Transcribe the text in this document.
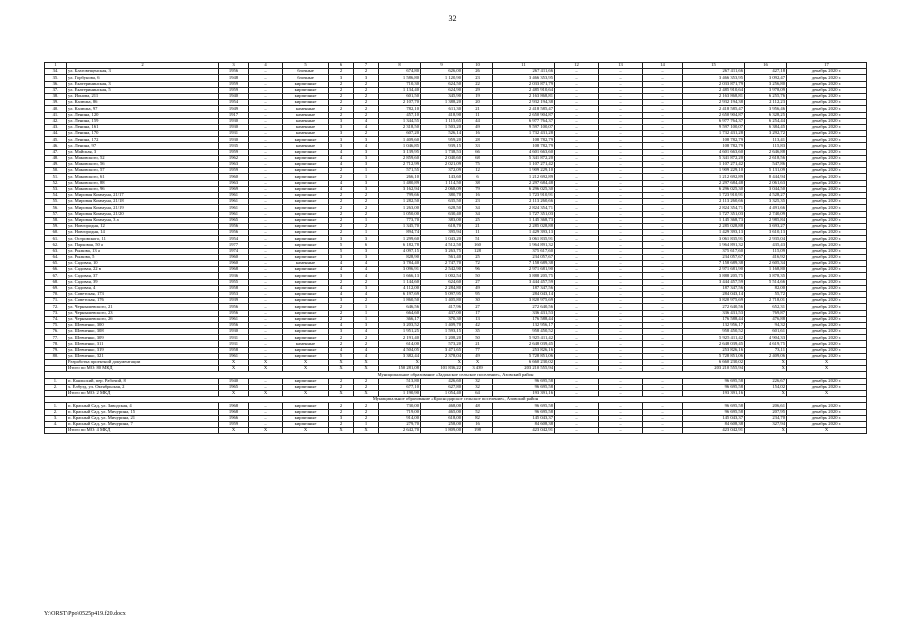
32
1	2	3	4	5	6	7	8	9	10	11	12	13	14	15	16	17
34.	ул. Благовещенская, 3	1956	–	блочные	2	2	674,80	626,00	26	267 411,66	–	–	–	267 411,66	427,18	декабрь 2020 г.
35.	ул. Горбунова, 6	1948	–	блочные	3	3	1 586,80	1 120,90	23	3 466 353,95	–	–	–	3 466 353,95	3 092,47	декабрь 2020 г.
36.	ул. Екатерининская, 3	1959	–	кирпичные	2	2	710,30	624,50	22	2 033 871,79	–	–	–	2 033 871,79	3 256,80	декабрь 2020 г.
37.	ул. Екатерининская, 5	1959	–	кирпичные	2	2	1 134,40	624,90	29	2 485 910,64	–	–	–	2 485 910,64	3 978,09	декабрь 2020 г.
38.	ул. Ионова, 211	1940	–	кирпичные	2	2	601,50	345,90	19	2 163 868,81	–	–	–	2 163 868,81	6 255,76	декабрь 2020 г.
39.	ул. Калюжа, 86	1954	–	кирпичные	2	2	2 107,70	1 388,20	20	2 932 194,38	–	–	–	2 932 194,38	2 112,23	декабрь 2020 г.
40.	ул. Калюжа, 97	1949	–	каменные	2	2	782,10	611,30	21	2 418 585,47	–	–	–	2 418 585,47	3 956,46	декабрь 2020 г.
41.	ул. Ленина, 120	1917	–	каменные	2	2	457,10	418,90	11	2 650 904,87	–	–	–	2 650 904,87	6 328,25	декабрь 2020 г.
42.	ул. Ленина, 159	1930	–	каменные	3	4	1 344,55	1 115,65	44	6 977 764,37	–	–	–	6 977 764,37	6 254,44	декабрь 2020 г.
43.	ул. Ленина, 161	1930	–	каменные	3	4	2 318,50	1 503,20	49	9 597 100,07	–	–	–	9 597 100,07	6 384,45	декабрь 2020 г.
44.	ул. Ленина, 170	1931	–	каменные	3	2	607,20	526,14	16	1 732 431,28	–	–	–	1 732 431,28	3 292,72	декабрь 2020 г.
45.	ул. Ленина, 172	1930	–	кирпичные	3	3	1 409,60	959,20	28	108 782,79	–	–	–	108 782,79	113,41	декабрь 2020 г.
46.	ул. Ленина, 97	1935	–	каменные	3	4	1 046,85	939,15	33	108 782,79	–	–	–	108 782,79	115,83	декабрь 2020 г.
47.	ул. Майская, 3	1959	–	кирпичные	4	3	3 139,95	1 738,53	66	4 601 663,60	–	–	–	4 601 663,60	2 646,88	декабрь 2020 г.
48.	ул. Маковского, 52	1962	–	кирпичные	4	3	2 859,60	2 040,60	68	5 341 872,20	–	–	–	5 341 872,20	2 618,56	декабрь 2020 г.
49.	ул. Маковского, 56	1963	–	кирпичные	4	3	2 712,99	2 021,09	75	1 107 271,42	–	–	–	1 107 271,42	547,86	декабрь 2020 г.
50.	ул. Маковского, 57	1959	–	кирпичные	2	1	571,55	372,09	12	1 909 229,10	–	–	–	1 909 229,10	5 131,09	декабрь 2020 г.
51.	ул. Маковского, 61	1960	–	кирпичные	2	1	266,10	143,60	6	1 212 692,89	–	–	–	1 212 692,89	8 444,94	декабрь 2020 г.
52.	ул. Маковского, 88	1963	–	кирпичные	4	3	1 480,89	1 114,50	38	2 297 684,48	–	–	–	2 297 684,48	2 061,63	декабрь 2020 г.
53.	ул. Маковского, 96	1969	–	кирпичные	4	3	3 162,94	2 068,09	79	6 296 025,30	–	–	–	6 296 025,30	3 044,50	декабрь 2020 г.
54.	ул. Мировая Коммуна, 21/17	1961	–	кирпичные	2	2	799,66	380,70	16	1 723 910,91	–	–	–	1 723 910,91	4 528,27	декабрь 2020 г.
55.	ул. Мировая Коммуна, 21/18	1961	–	кирпичные	2	2	1 282,50	635,50	23	2 113 260,66	–	–	–	2 113 260,66	3 325,35	декабрь 2020 г.
56.	ул. Мировая Коммуна, 21/19	1961	–	кирпичные	2	2	1 263,00	628,50	34	2 824 354,71	–	–	–	2 824 354,71	4 491,66	декабрь 2020 г.
57.	ул. Мировая Коммуна, 21/20	1961	–	кирпичные	2	2	1 050,00	630,40	34	1 727 351,03	–	–	–	1 727 351,03	2 740,09	декабрь 2020 г.
58.	ул. Мировая Коммуна, 3 а	1965	–	кирпичные	2	1	773,70	383,00	25	1 145 368,73	–	–	–	1 145 368,73	2 985,84	декабрь 2020 г.
59.	ул. Новгородня, 12	1956	–	кирпичные	2	2	1 345,70	618,70	21	2 285 028,88	–	–	–	2 285 028,88	3 693,27	декабрь 2020 г.
60.	ул. Новгородня, 14	1956	–	кирпичные	2	1	894,74	395,94	11	1 429 393,13	–	–	–	1 429 393,13	3 610,13	декабрь 2020 г.
61.	ул. Островского, 11	1954	–	кирпичные	3	3	1 299,60	1 043,20	51	3 061 835,91	–	–	–	3 061 835,91	2 935,04	декабрь 2020 г.
62.	ул. Парковая, 50 а	1977	–	кирпичные	5	6	6 182,78	4 512,50	160	1 964 891,32	–	–	–	1 964 891,32	435,43	декабрь 2020 г.
63.	ул. Рыжова, 13 а	1974	–	кирпичные	5	3	4 097,15	3 263,75	128	375 617,60	–	–	–	375 617,60	115,09	декабрь 2020 г.
64.	ул. Рыжова, 5	1960	–	кирпичные	3	3	828,90	561,40	25	234 057,67	–	–	–	234 057,67	416,92	декабрь 2020 г.
65.	ул. Садовая, 10	1960	–	каменные	4	4	3 784,40	2 747,70	72	7 158 689,38	–	–	–	7 158 689,38	2 605,34	декабрь 2020 г.
66.	ул. Садовая, 22 в	1968	–	кирпичные	4	4	3 096,91	2 542,90	96	2 971 681,90	–	–	–	2 971 681,90	1 168,80	декабрь 2020 г.
67.	ул. Садовая, 37	1936	–	кирпичные	3	4	1 666,13	1 002,54	50	3 888 205,75	–	–	–	3 888 205,75	3 878,35	декабрь 2020 г.
68.	ул. Садовая, 39	1955	–	кирпичные	2	2	1 144,60	624,60	27	3 444 457,59	–	–	–	3 444 457,59	5 514,66	декабрь 2020 г.
69.	ул. Садовая, 4	1958	–	кирпичные	4	3	4 112,00	2 284,80	49	187 347,56	–	–	–	187 347,56	82,00	декабрь 2020 г.
70.	ул. Советская, 173	1953	–	кирпичные	4	4	6 197,69	5 097,95	95	284 043,14	–	–	–	284 043,14	55,72	декабрь 2020 г.
71.	ул. Советская, 176	1939	–	кирпичные	3	2	1 860,50	1 405,80	30	3 820 975,69	–	–	–	3 820 975,69	2 718,01	декабрь 2020 г.
72.	ул. Чернышевского, 21	1956	–	кирпичные	2	1	646,56	417,96	27	272 640,56	–	–	–	272 640,56	652,31	декабрь 2020 г.
73.	ул. Чернышевского, 23	1956	–	кирпичные	2	1	664,60	437,00	17	336 431,53	–	–	–	336 431,53	769,87	декабрь 2020 г.
74.	ул. Чернышевского, 26	1961	–	кирпичные	2	1	366,17	370,30	13	176 588,44	–	–	–	176 588,44	476,88	декабрь 2020 г.
75.	ул. Шевченко, 300	1956	–	кирпичные	4	3	3 203,52	1 409,70	42	132 956,17	–	–	–	132 956,17	94,32	декабрь 2020 г.
76.	ул. Шевченко, 308	1930	–	кирпичные	3	4	1 951,25	1 593,15	35	958 450,52	–	–	–	958 450,52	601,61	декабрь 2020 г.
77.	ул. Шевченко, 309	1931	–	кирпичные	2	2	2 191,40	1 208,20	50	5 925 411,42	–	–	–	5 925 411,42	4 904,33	декабрь 2020 г.
78.	ул. Шевченко, 311	1931	–	каменные	2	2	614,00	573,20	21	2 648 039,45	–	–	–	2 648 039,45	4 619,75	декабрь 2020 г.
79.	ул. Шевченко, 319	1958	–	кирпичные	4	4	4 504,05	3 471,65	77	253 826,16	–	–	–	253 826,16	73,11	декабрь 2020 г.
80.	ул. Шевченко, 321	1961	–	кирпичные	5	4	3 382,44	2 378,04	49	5 728 851,06	–	–	–	5 728 851,06	2 409,06	декабрь 2020 г.
	Разработка проектной документации	X	X	X	X	X	X	X	X	6 660 230,02	–	–	–	6 660 230,02	X	X
	Итого по МО: 80 МКД	X	X	X	X	X	150 281,08	101 836,22	3 439	203 210 555,94	–	–	–	203 210 555,94	X	X
Муниципальное образование «Задонское сельское поселение», Азовский район																
1.	п. Каяльский, пер. Рабочий, 8	1940	–	кирпичные	2	2	513,80	426,60	32	96 695,58	–	–	–	96 695,58	226,67	декабрь 2020 г.
2.	х. Елбузд, ул. Октябрьская, 2	1965	–	кирпичные	2	2	677,10	627,80	32	96 695,58	–	–	–	96 695,58	154,02	декабрь 2020 г.
	Итого по МО: 2 МКД	X	X	X	X	X	1 190,90	1 054,40	64	193 391,16	–	–	–	193 391,16	X	X
Муниципальное образование «Краснодарское сельское поселение», Азовский район																
1.	п. Красный Сад, ул. Заводская, 4	1968	–	кирпичные	2	2	730,00	468,00	48	96 695,58	–	–	–	96 695,58	206,61	декабрь 2020 г.
2.	п. Красный Сад, ул. Мичурина, 15	1968	–	кирпичные	2	2	719,00	465,00	52	96 695,58	–	–	–	96 695,58	207,95	декабрь 2020 г.
3.	п. Красный Сад, ул. Мичурина, 21	1966	–	кирпичные	3	2	914,00	618,00	82	145 043,37	–	–	–	145 043,37	234,70	декабрь 2020 г.
4.	п. Красный Сад, ул. Мичурина, 7	1959	–	кирпичные	2	1	279,70	258,00	16	84 608,38	–	–	–	84 608,38	327,94	декабрь 2020 г.
	Итого по МО: 4 МКД	X	X	X	X	X	2 642,70	1 809,00	198	423 042,91	–	–	–	423 042,91	X	X
Y:\ORST\Ppo\0525p419.f20.docx
